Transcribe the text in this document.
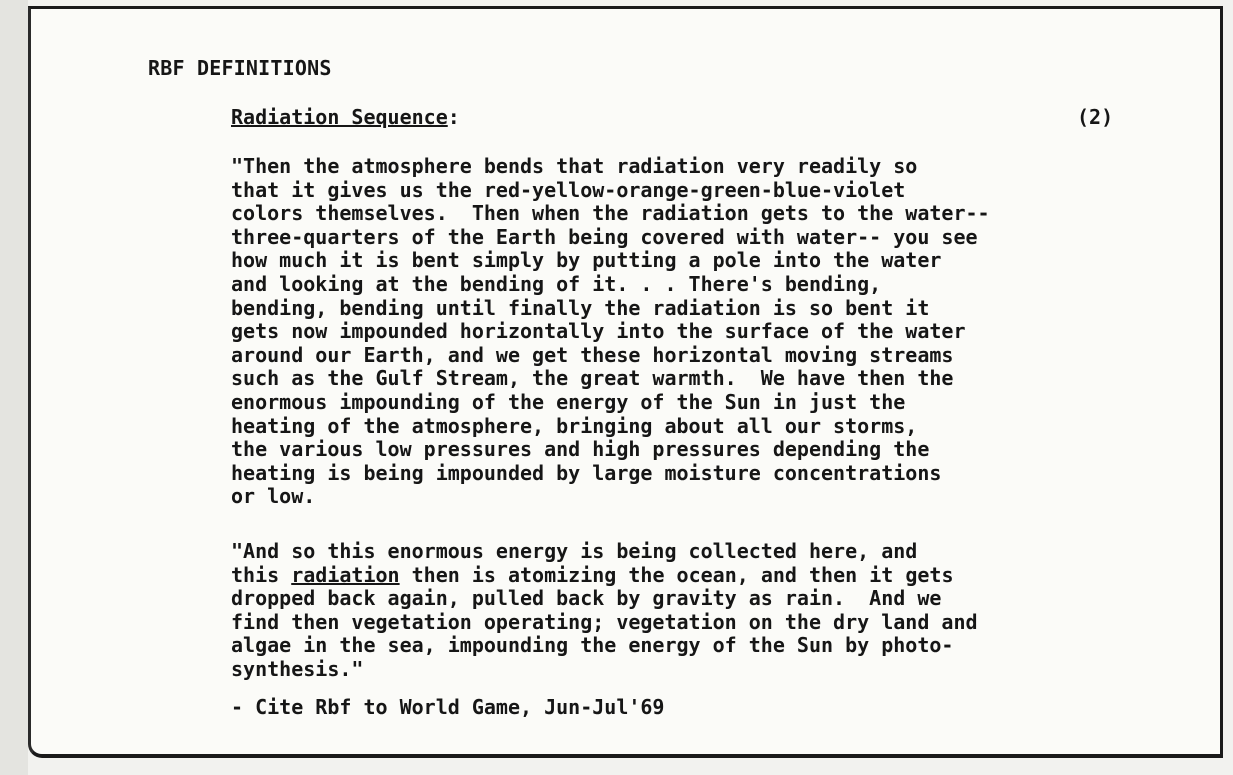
RBF DEFINITIONS
Radiation Sequence:	(2)
"Then the atmosphere bends that radiation very readily so
that it gives us the red-yellow-orange-green-blue-violet
colors themselves.  Then when the radiation gets to the water--
three-quarters of the Earth being covered with water-- you see
how much it is bent simply by putting a pole into the water
and looking at the bending of it. . . There's bending,
bending, bending until finally the radiation is so bent it
gets now impounded horizontally into the surface of the water
around our Earth, and we get these horizontal moving streams
such as the Gulf Stream, the great warmth.  We have then the
enormous impounding of the energy of the Sun in just the
heating of the atmosphere, bringing about all our storms,
the various low pressures and high pressures depending the
heating is being impounded by large moisture concentrations
or low.
"And so this enormous energy is being collected here, and
this radiation then is atomizing the ocean, and then it gets
dropped back again, pulled back by gravity as rain.  And we
find then vegetation operating; vegetation on the dry land and
algae in the sea, impounding the energy of the Sun by photo-
synthesis."
- Cite Rbf to World Game, Jun-Jul'69
